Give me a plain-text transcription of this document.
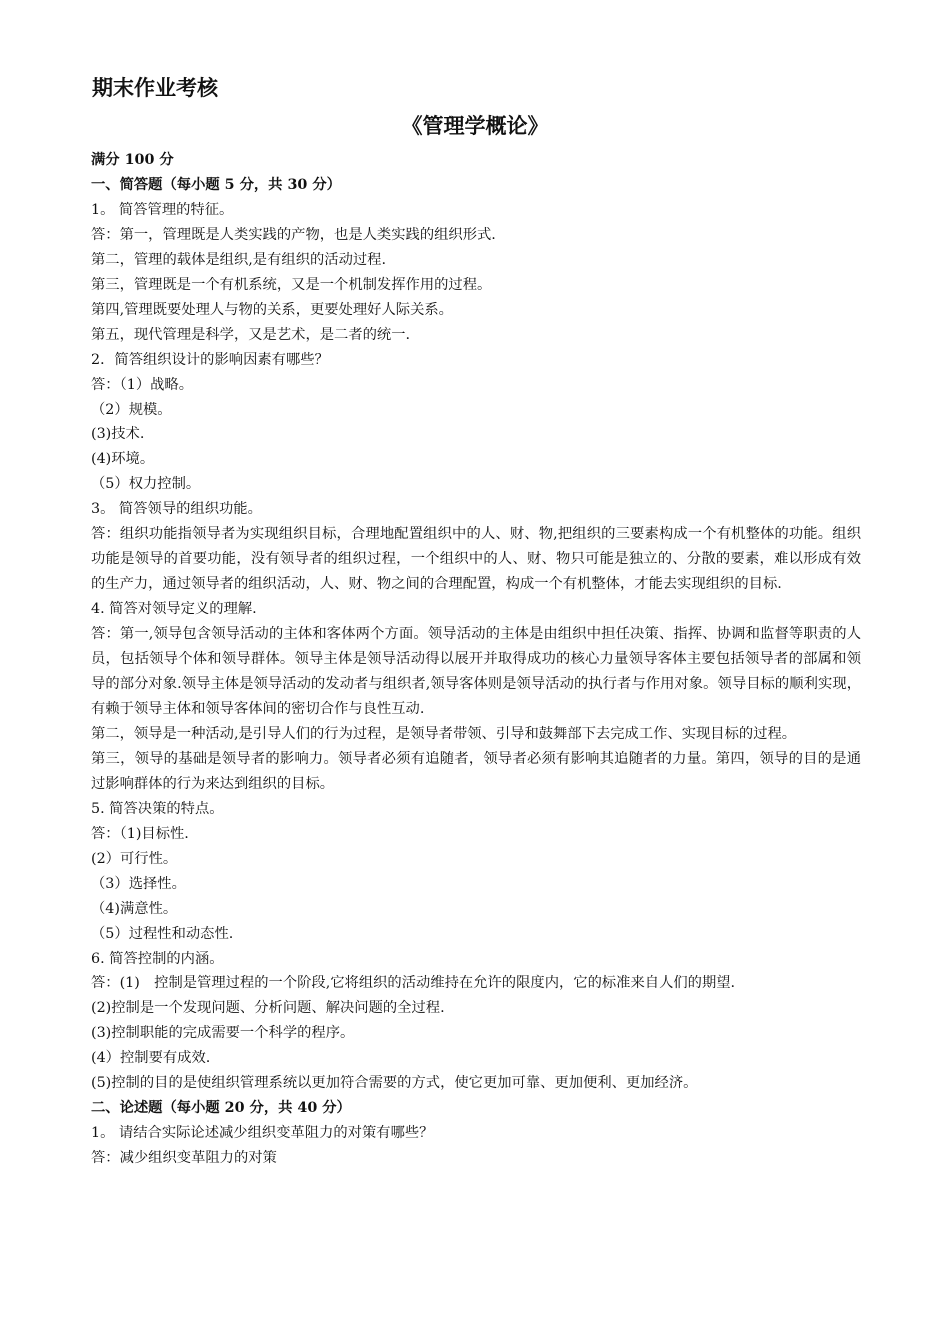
期末作业考核
《管理学概论》

满分 100 分

一、简答题（每小题 5 分，共 30 分）

1。 简答管理的特征。

答：第一，管理既是人类实践的产物，也是人类实践的组织形式.

第二，管理的载体是组织,是有组织的活动过程.

第三，管理既是一个有机系统，又是一个机制发挥作用的过程。

第四,管理既要处理人与物的关系，更要处理好人际关系。

第五，现代管理是科学，又是艺术，是二者的统一.

2．简答组织设计的影响因素有哪些？

答：（1）战略。

（2）规模。

(3)技术.

(4)环境。

（5）权力控制。

3。 简答领导的组织功能。

答：组织功能指领导者为实现组织目标，合理地配置组织中的人、财、物,把组织的三要素构成一个有机整体的功能。组织功能是领导的首要功能，没有领导者的组织过程，一个组织中的人、财、物只可能是独立的、分散的要素，难以形成有效的生产力，通过领导者的组织活动，人、财、物之间的合理配置，构成一个有机整体，才能去实现组织的目标.

4. 简答对领导定义的理解.

答：第一,领导包含领导活动的主体和客体两个方面。领导活动的主体是由组织中担任决策、指挥、协调和监督等职责的人员，包括领导个体和领导群体。领导主体是领导活动得以展开并取得成功的核心力量领导客体主要包括领导者的部属和领导的部分对象.领导主体是领导活动的发动者与组织者,领导客体则是领导活动的执行者与作用对象。领导目标的顺利实现，有赖于领导主体和领导客体间的密切合作与良性互动.

第二，领导是一种活动,是引导人们的行为过程，是领导者带领、引导和鼓舞部下去完成工作、实现目标的过程。

第三，领导的基础是领导者的影响力。领导者必须有追随者，领导者必须有影响其追随者的力量。第四，领导的目的是通过影响群体的行为来达到组织的目标。

5. 简答决策的特点。

答：（1)目标性.

(2）可行性。

（3）选择性。

（4)满意性。

（5）过程性和动态性.

6. 简答控制的内涵。

答：(1)　控制是管理过程的一个阶段,它将组织的活动维持在允许的限度内，它的标准来自人们的期望.

(2)控制是一个发现问题、分析问题、解决问题的全过程.

(3)控制职能的完成需要一个科学的程序。

(4）控制要有成效.

(5)控制的目的是使组织管理系统以更加符合需要的方式，使它更加可靠、更加便利、更加经济。

二、论述题（每小题 20 分，共 40 分）

1。 请结合实际论述减少组织变革阻力的对策有哪些？

答：减少组织变革阻力的对策
